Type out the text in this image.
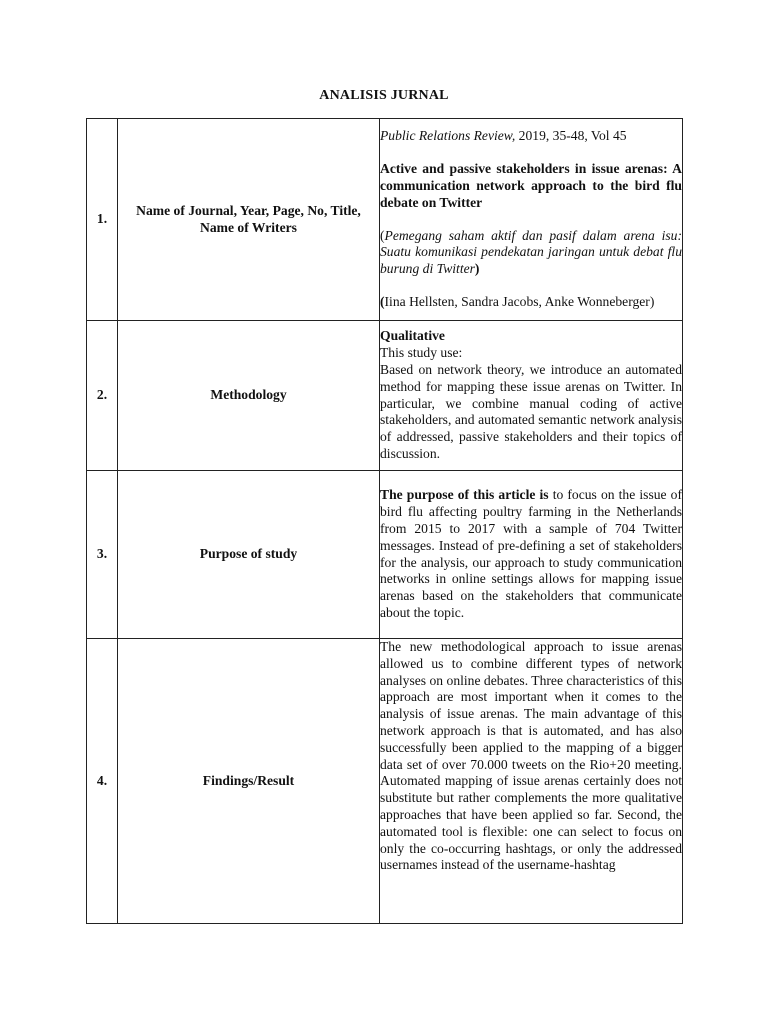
ANALISIS JURNAL
1.	Name of Journal, Year, Page, No, Title, Name of Writers	Public Relations Review, 2019, 35-48, Vol 45

Active and passive stakeholders in issue arenas: A communication network approach to the bird flu debate on Twitter

(Pemegang saham aktif dan pasif dalam arena isu: Suatu komunikasi pendekatan jaringan untuk debat flu burung di Twitter)

(Iina Hellsten, Sandra Jacobs, Anke Wonneberger)

2.	Methodology	Qualitative

This study use:

Based on network theory, we introduce an automated method for mapping these issue arenas on Twitter. In particular, we combine manual coding of active stakeholders, and automated semantic network analysis of addressed, passive stakeholders and their topics of discussion.

3.	Purpose of study	The purpose of this article is to focus on the issue of bird flu affecting poultry farming in the Netherlands from 2015 to 2017 with a sample of 704 Twitter messages. Instead of pre-defining a set of stakeholders for the analysis, our approach to study communication networks in online settings allows for mapping issue arenas based on the stakeholders that communicate about the topic.

4.	Findings/Result	The new methodological approach to issue arenas allowed us to combine different types of network analyses on online debates. Three characteristics of this approach are most important when it comes to the analysis of issue arenas. The main advantage of this network approach is that is automated, and has also successfully been applied to the mapping of a bigger data set of over 70.000 tweets on the Rio+20 meeting. Automated mapping of issue arenas certainly does not substitute but rather complements the more qualitative approaches that have been applied so far. Second, the automated tool is flexible: one can select to focus on only the co-occurring hashtags, or only the addressed usernames instead of the username-hashtag
